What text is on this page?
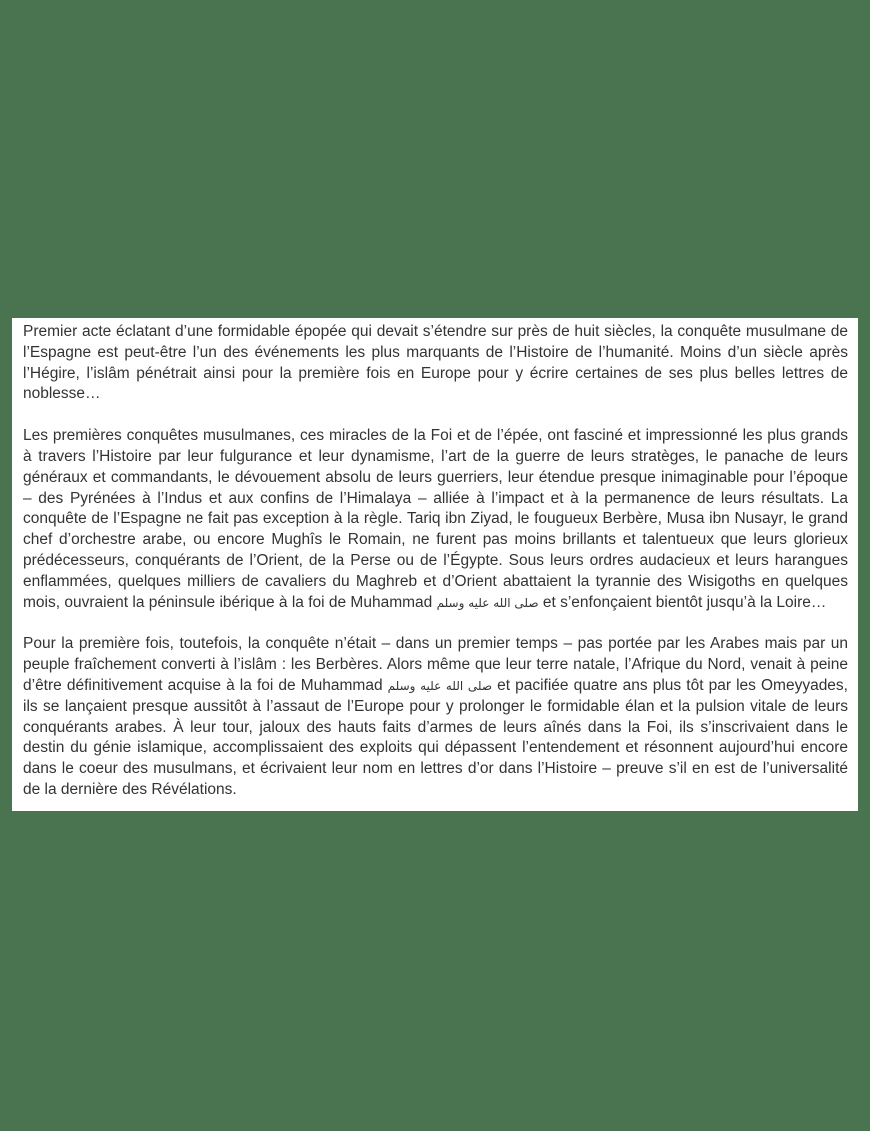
Premier acte éclatant d’une formidable épopée qui devait s’étendre sur près de huit siècles, la conquête musulmane de l’Espagne est peut-être l’un des événements les plus marquants de l’Histoire de l’humanité. Moins d’un siècle après l’Hégire, l’islâm pénétrait ainsi pour la première fois en Europe pour y écrire certaines de ses plus belles lettres de noblesse…

Les premières conquêtes musulmanes, ces miracles de la Foi et de l’épée, ont fasciné et impressionné les plus grands à travers l’Histoire par leur fulgurance et leur dynamisme, l’art de la guerre de leurs stratèges, le panache de leurs généraux et commandants, le dévouement absolu de leurs guerriers, leur étendue presque inimaginable pour l’époque – des Pyrénées à l’Indus et aux confins de l’Himalaya – alliée à l’impact et à la permanence de leurs résultats. La conquête de l’Espagne ne fait pas exception à la règle. Tariq ibn Ziyad, le fougueux Berbère, Musa ibn Nusayr, le grand chef d’orchestre arabe, ou encore Mughîs le Romain, ne furent pas moins brillants et talentueux que leurs glorieux prédécesseurs, conquérants de l’Orient, de la Perse ou de l’Égypte. Sous leurs ordres audacieux et leurs harangues enflammées, quelques milliers de cavaliers du Maghreb et d’Orient abattaient la tyrannie des Wisigoths en quelques mois, ouvraient la péninsule ibérique à la foi de Muhammad صلى الله عليه وسلم et s’enfonçaient bientôt jusqu’à la Loire…

Pour la première fois, toutefois, la conquête n’était – dans un premier temps – pas portée par les Arabes mais par un peuple fraîchement converti à l’islâm : les Berbères. Alors même que leur terre natale, l’Afrique du Nord, venait à peine d’être définitivement acquise à la foi de Muhammad صلى الله عليه وسلم et pacifiée quatre ans plus tôt par les Omeyyades, ils se lançaient presque aussitôt à l’assaut de l’Europe pour y prolonger le formidable élan et la pulsion vitale de leurs conquérants arabes. À leur tour, jaloux des hauts faits d’armes de leurs aînés dans la Foi, ils s’inscrivaient dans le destin du génie islamique, accomplissaient des exploits qui dépassent l’entendement et résonnent aujourd’hui encore dans le coeur des musulmans, et écrivaient leur nom en lettres d’or dans l’Histoire – preuve s’il en est de l’universalité de la dernière des Révélations.
